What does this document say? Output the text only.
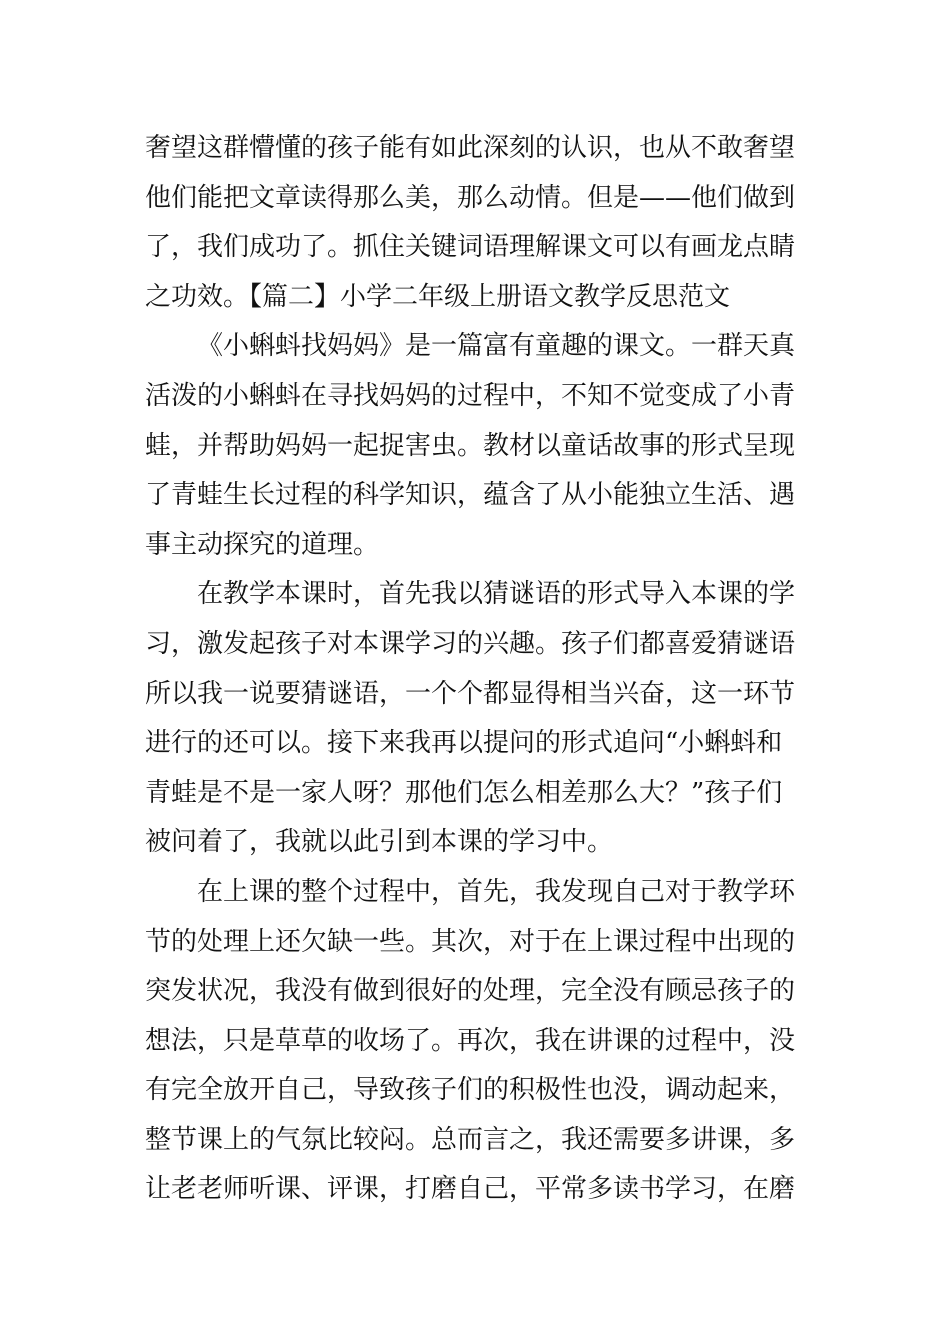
奢望这群懵懂的孩子能有如此深刻的认识，也从不敢奢望
他们能把文章读得那么美，那么动情。但是——他们做到
了，我们成功了。抓住关键词语理解课文可以有画龙点睛
之功效。【篇二】小学二年级上册语文教学反思范文

《小蝌蚪找妈妈》是一篇富有童趣的课文。一群天真
活泼的小蝌蚪在寻找妈妈的过程中，不知不觉变成了小青
蛙，并帮助妈妈一起捉害虫。教材以童话故事的形式呈现
了青蛙生长过程的科学知识，蕴含了从小能独立生活、遇
事主动探究的道理。

在教学本课时，首先我以猜谜语的形式导入本课的学
习，激发起孩子对本课学习的兴趣。孩子们都喜爱猜谜语
所以我一说要猜谜语，一个个都显得相当兴奋，这一环节
进行的还可以。接下来我再以提问的形式追问“小蝌蚪和
青蛙是不是一家人呀？那他们怎么相差那么大？”孩子们
被问着了，我就以此引到本课的学习中。

在上课的整个过程中，首先，我发现自己对于教学环
节的处理上还欠缺一些。其次，对于在上课过程中出现的
突发状况，我没有做到很好的处理，完全没有顾忌孩子的
想法，只是草草的收场了。再次，我在讲课的过程中，没
有完全放开自己，导致孩子们的积极性也没，调动起来，
整节课上的气氛比较闷。总而言之，我还需要多讲课，多
让老老师听课、评课，打磨自己，平常多读书学习，在磨
